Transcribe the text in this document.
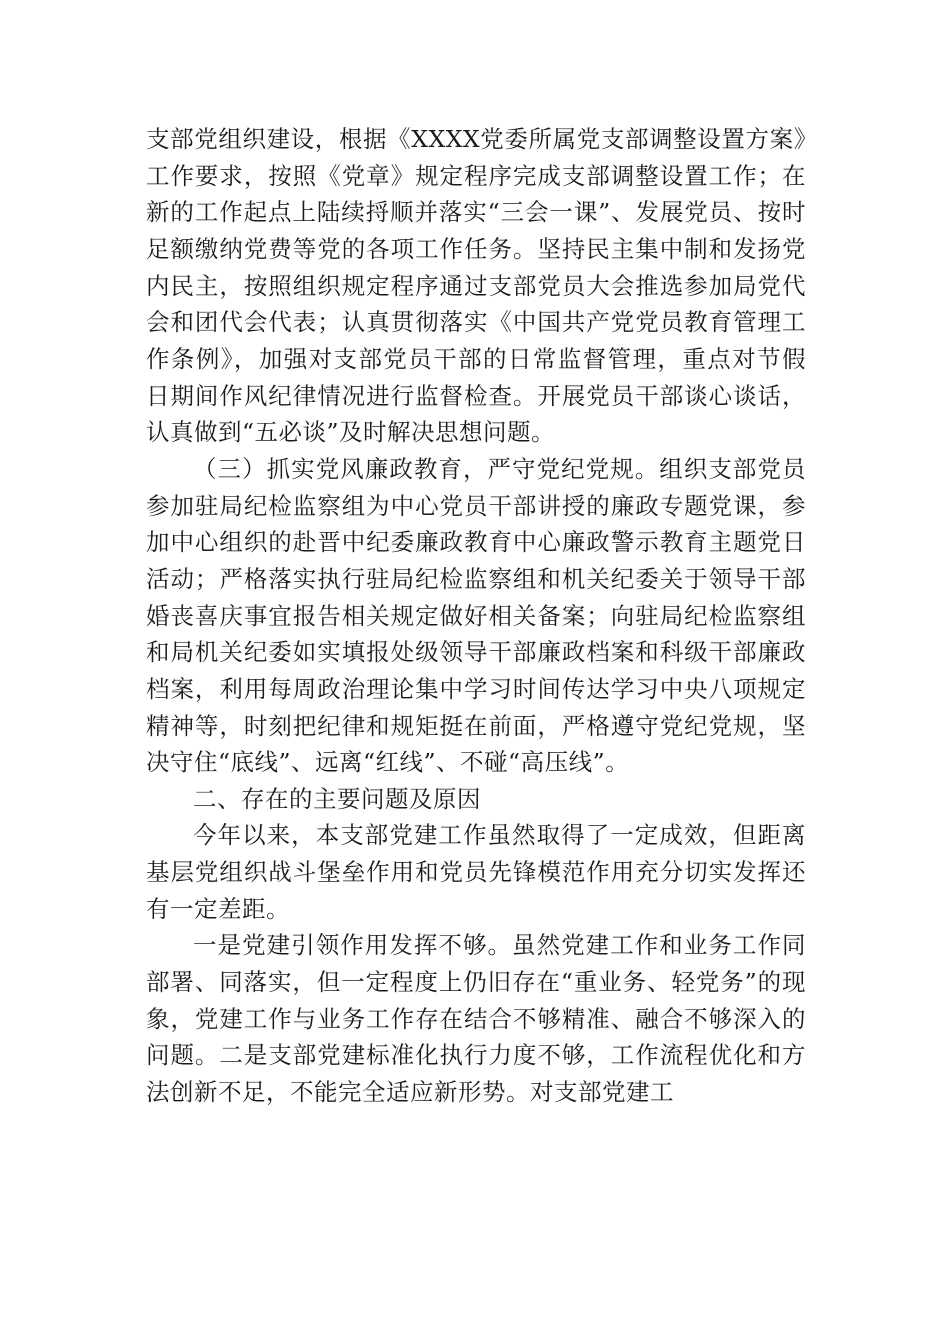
支部党组织建设，根据《XXXX党委所属党支部调整设置方案》工作要求，按照《党章》规定程序完成支部调整设置工作；在新的工作起点上陆续捋顺并落实“三会一课”、发展党员、按时足额缴纳党费等党的各项工作任务。坚持民主集中制和发扬党内民主，按照组织规定程序通过支部党员大会推选参加局党代会和团代会代表；认真贯彻落实《中国共产党党员教育管理工作条例》，加强对支部党员干部的日常监督管理，重点对节假日期间作风纪律情况进行监督检查。开展党员干部谈心谈话，认真做到“五必谈”及时解决思想问题。

（三）抓实党风廉政教育，严守党纪党规。组织支部党员参加驻局纪检监察组为中心党员干部讲授的廉政专题党课，参加中心组织的赴晋中纪委廉政教育中心廉政警示教育主题党日活动；严格落实执行驻局纪检监察组和机关纪委关于领导干部婚丧喜庆事宜报告相关规定做好相关备案；向驻局纪检监察组和局机关纪委如实填报处级领导干部廉政档案和科级干部廉政档案，利用每周政治理论集中学习时间传达学习中央八项规定精神等，时刻把纪律和规矩挺在前面，严格遵守党纪党规，坚决守住“底线”、远离“红线”、不碰“高压线”。

二、存在的主要问题及原因

今年以来，本支部党建工作虽然取得了一定成效，但距离基层党组织战斗堡垒作用和党员先锋模范作用充分切实发挥还有一定差距。

一是党建引领作用发挥不够。虽然党建工作和业务工作同部署、同落实，但一定程度上仍旧存在“重业务、轻党务”的现象，党建工作与业务工作存在结合不够精准、融合不够深入的问题。二是支部党建标准化执行力度不够，工作流程优化和方法创新不足，不能完全适应新形势。对支部党建工
